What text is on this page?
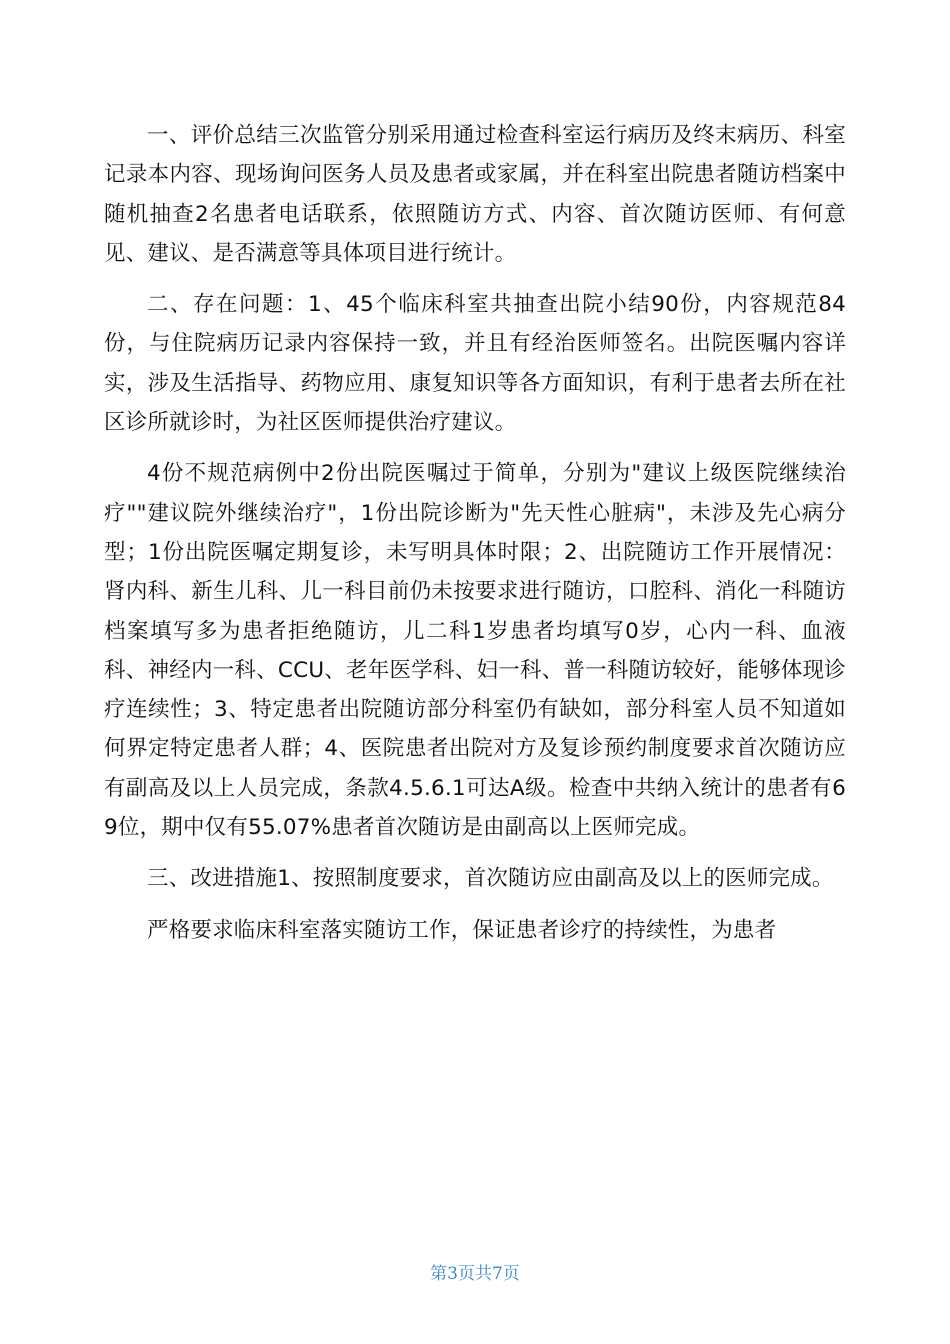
一、评价总结三次监管分别采用通过检查科室运行病历及终末病历、科室记录本内容、现场询问医务人员及患者或家属，并在科室出院患者随访档案中随机抽查2名患者电话联系，依照随访方式、内容、首次随访医师、有何意见、建议、是否满意等具体项目进行统计。

二、存在问题：1、45个临床科室共抽查出院小结90份，内容规范84份，与住院病历记录内容保持一致，并且有经治医师签名。出院医嘱内容详实，涉及生活指导、药物应用、康复知识等各方面知识，有利于患者去所在社区诊所就诊时，为社区医师提供治疗建议。

4份不规范病例中2份出院医嘱过于简单，分别为"建议上级医院继续治疗""建议院外继续治疗"，1份出院诊断为"先天性心脏病"，未涉及先心病分型；1份出院医嘱定期复诊，未写明具体时限；2、出院随访工作开展情况：肾内科、新生儿科、儿一科目前仍未按要求进行随访，口腔科、消化一科随访档案填写多为患者拒绝随访，儿二科1岁患者均填写0岁，心内一科、血液科、神经内一科、CCU、老年医学科、妇一科、普一科随访较好，能够体现诊疗连续性；3、特定患者出院随访部分科室仍有缺如，部分科室人员不知道如何界定特定患者人群；4、医院患者出院对方及复诊预约制度要求首次随访应有副高及以上人员完成，条款4.5.6.1可达A级。检查中共纳入统计的患者有69位，期中仅有55.07%患者首次随访是由副高以上医师完成。

三、改进措施1、按照制度要求，首次随访应由副高及以上的医师完成。

严格要求临床科室落实随访工作，保证患者诊疗的持续性，为患者

第3页共7页
